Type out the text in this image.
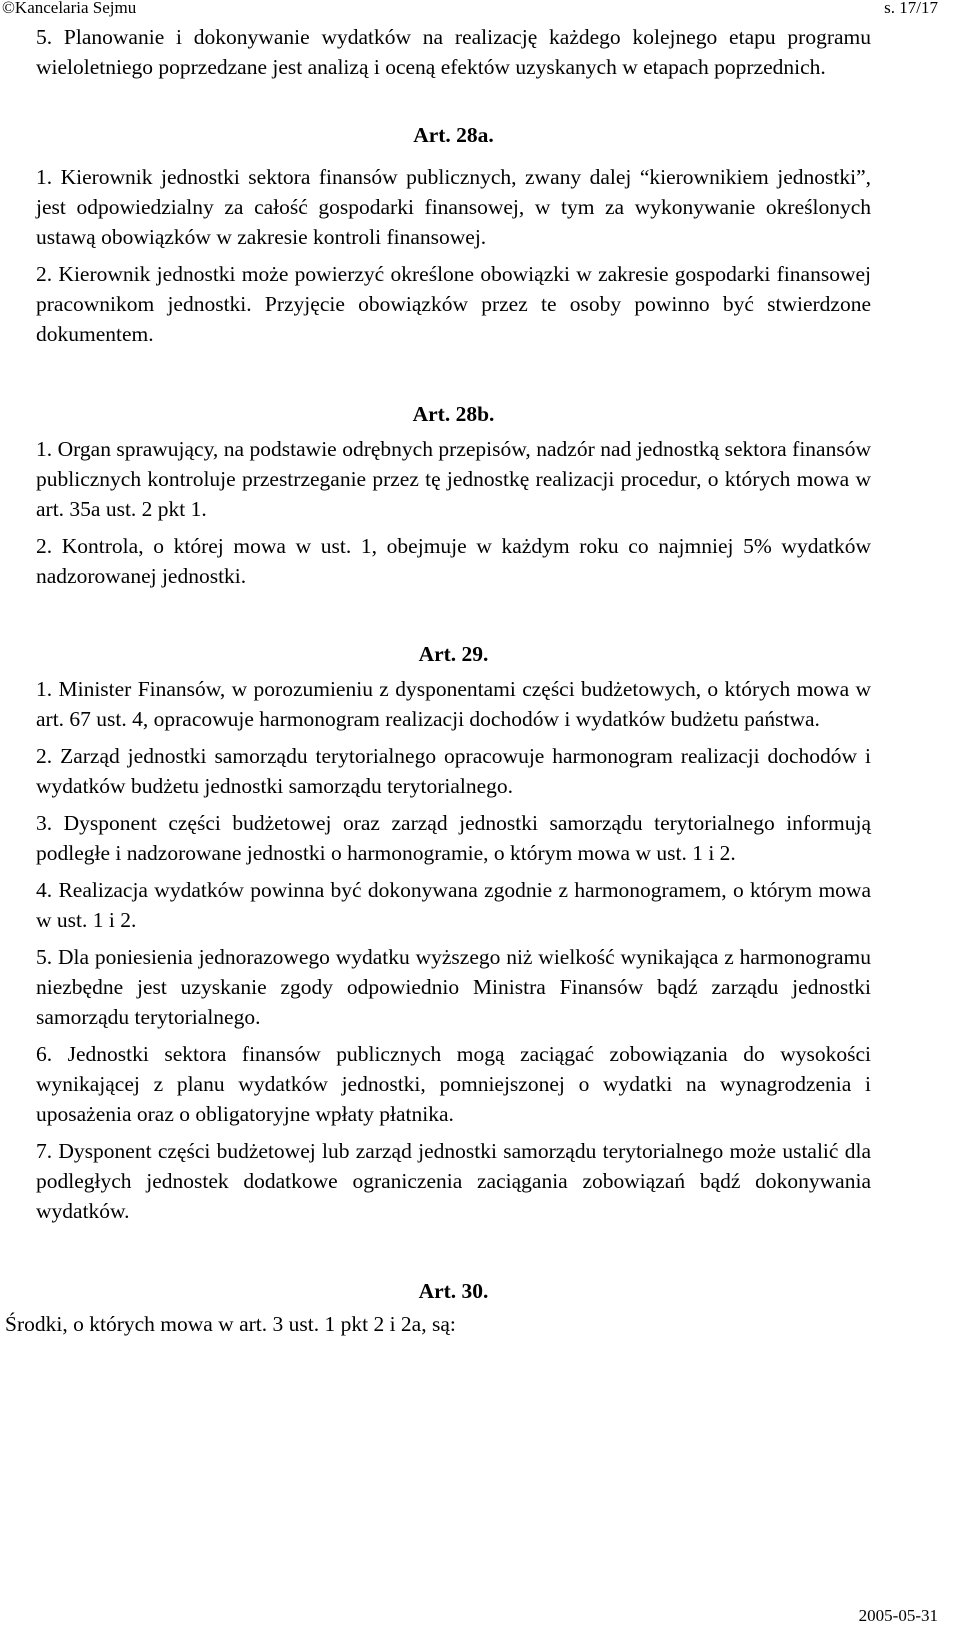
©Kancelaria Sejmu	s. 17/17

5. Planowanie i dokonywanie wydatków na realizację każdego kolejnego etapu programu wieloletniego poprzedzane jest analizą i oceną efektów uzyskanych w etapach poprzednich.

Art. 28a.

1. Kierownik jednostki sektora finansów publicznych, zwany dalej “kierownikiem jednostki”, jest odpowiedzialny za całość gospodarki finansowej, w tym za wykonywanie określonych ustawą obowiązków w zakresie kontroli finansowej.

2. Kierownik jednostki może powierzyć określone obowiązki w zakresie gospodarki finansowej pracownikom jednostki. Przyjęcie obowiązków przez te osoby powinno być stwierdzone dokumentem.

Art. 28b.

1. Organ sprawujący, na podstawie odrębnych przepisów, nadzór nad jednostką sektora finansów publicznych kontroluje przestrzeganie przez tę jednostkę realizacji procedur, o których mowa w art. 35a ust. 2 pkt 1.

2. Kontrola, o której mowa w ust. 1, obejmuje w każdym roku co najmniej 5% wydatków nadzorowanej jednostki.

Art. 29.

1. Minister Finansów, w porozumieniu z dysponentami części budżetowych, o których mowa w art. 67 ust. 4, opracowuje harmonogram realizacji dochodów i wydatków budżetu państwa.

2. Zarząd jednostki samorządu terytorialnego opracowuje harmonogram realizacji dochodów i wydatków budżetu jednostki samorządu terytorialnego.

3. Dysponent części budżetowej oraz zarząd jednostki samorządu terytorialnego informują podległe i nadzorowane jednostki o harmonogramie, o którym mowa w ust. 1 i 2.

4. Realizacja wydatków powinna być dokonywana zgodnie z harmonogramem, o którym mowa w ust. 1 i 2.

5. Dla poniesienia jednorazowego wydatku wyższego niż wielkość wynikająca z harmonogramu niezbędne jest uzyskanie zgody odpowiednio Ministra Finansów bądź zarządu jednostki samorządu terytorialnego.

6. Jednostki sektora finansów publicznych mogą zaciągać zobowiązania do wysokości wynikającej z planu wydatków jednostki, pomniejszonej o wydatki na wynagrodzenia i uposażenia oraz o obligatoryjne wpłaty płatnika.

7. Dysponent części budżetowej lub zarząd jednostki samorządu terytorialnego może ustalić dla podległych jednostek dodatkowe ograniczenia zaciągania zobowiązań bądź dokonywania wydatków.

Art. 30.

Środki, o których mowa w art. 3 ust. 1 pkt 2 i 2a, są:

2005-05-31
